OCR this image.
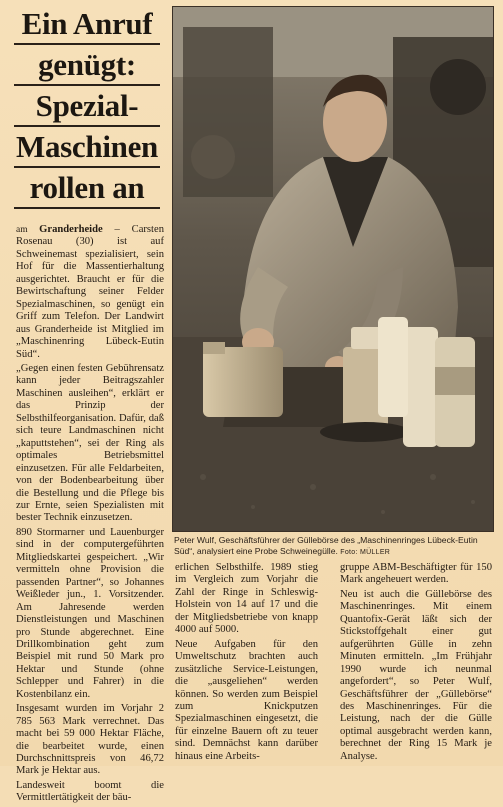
Ein Anruf
genügt:
Spezial-
Maschinen
rollen an
Peter Wulf, Geschäftsführer der Güllebörse des „Maschinenringes Lübeck-Eutin Süd“, analysiert eine Probe Schweinegülle. Foto: MÜLLER

am Granderheide – Carsten Rosenau (30) ist auf Schweinemast spezialisiert, sein Hof für die Massentierhaltung ausgerichtet. Braucht er für die Bewirtschaftung seiner Felder Spezialmaschinen, so genügt ein Griff zum Telefon. Der Landwirt aus Granderheide ist Mitglied im „Maschinenring Lübeck-Eutin Süd“.

„Gegen einen festen Gebührensatz kann jeder Beitragszahler Maschinen ausleihen“, erklärt er das Prinzip der Selbsthilfeorganisation. Dafür, daß sich teure Landmaschinen nicht „kaputtstehen“, sei der Ring als optimales Betriebsmittel einzusetzen. Für alle Feldarbeiten, von der Bodenbearbeitung über die Bestellung und die Pflege bis zur Ernte, seien Spezialisten mit bester Technik einzusetzen.

890 Stormarner und Lauenburger sind in der computergeführten Mitgliedskartei gespeichert. „Wir vermitteln ohne Provision die passenden Partner“, so Johannes Weißleder jun., 1. Vorsitzender. Am Jahresende werden Dienstleistungen und Maschinen pro Stunde abgerechnet. Eine Drillkombination geht zum Beispiel mit rund 50 Mark pro Hektar und Stunde (ohne Schlepper und Fahrer) in die Kostenbilanz ein.

Insgesamt wurden im Vorjahr 2 785 563 Mark verrechnet. Das macht bei 59 000 Hektar Fläche, die bearbeitet wurde, einen Durchschnittspreis von 46,72 Mark je Hektar aus.

Landesweit boomt die Vermittlertätigkeit der bäu-

erlichen Selbsthilfe. 1989 stieg im Vergleich zum Vorjahr die Zahl der Ringe in Schleswig-Holstein von 14 auf 17 und die der Mitgliedsbetriebe von knapp 4000 auf 5000.

Neue Aufgaben für den Umweltschutz brachten auch zusätzliche Service-Leistungen, die „ausgeliehen“ werden können. So werden zum Beispiel zum Knickputzen Spezialmaschinen eingesetzt, die für einzelne Bauern oft zu teuer sind. Demnächst kann darüber hinaus eine Arbeits-

gruppe ABM-Beschäftigter für 150 Mark angeheuert werden.

Neu ist auch die Güllebörse des Maschinenringes. Mit einem Quantofix-Gerät läßt sich der Stickstoffgehalt einer gut aufgerührten Gülle in zehn Minuten ermitteln. „Im Frühjahr 1990 wurde ich neunmal angefordert“, so Peter Wulf, Geschäftsführer der „Güllebörse“ des Maschinenringes. Für die Leistung, nach der die Gülle optimal ausgebracht werden kann, berechnet der Ring 15 Mark je Analyse.
